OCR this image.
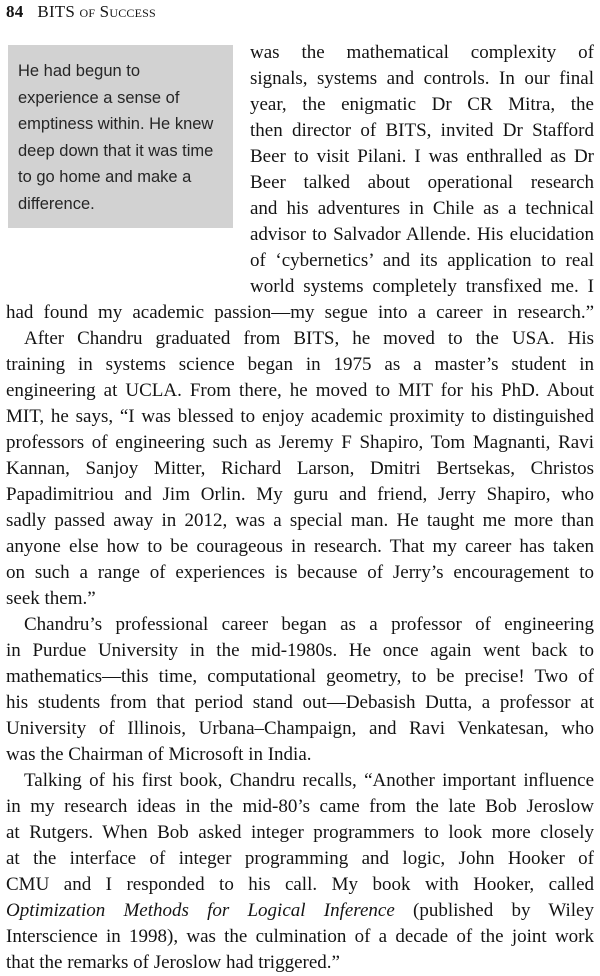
84 BITS of Success

He had begun to experience a sense of emptiness within. He knew deep down that it was time to go home and make a difference.

was the mathematical complexity of
signals, systems and controls. In our final
year, the enigmatic Dr CR Mitra, the
then director of BITS, invited Dr Stafford
Beer to visit Pilani. I was enthralled as Dr
Beer talked about operational research
and his adventures in Chile as a technical
advisor to Salvador Allende. His elucidation
of ‘cybernetics’ and its application to real
world systems completely transfixed me. I
had found my academic passion—my segue into a career in research.”
After Chandru graduated from BITS, he moved to the USA. His
training in systems science began in 1975 as a master’s student in
engineering at UCLA. From there, he moved to MIT for his PhD. About
MIT, he says, “I was blessed to enjoy academic proximity to distinguished
professors of engineering such as Jeremy F Shapiro, Tom Magnanti, Ravi
Kannan, Sanjoy Mitter, Richard Larson, Dmitri Bertsekas, Christos
Papadimitriou and Jim Orlin. My guru and friend, Jerry Shapiro, who
sadly passed away in 2012, was a special man. He taught me more than
anyone else how to be courageous in research. That my career has taken
on such a range of experiences is because of Jerry’s encouragement to
seek them.”
Chandru’s professional career began as a professor of engineering
in Purdue University in the mid-1980s. He once again went back to
mathematics—this time, computational geometry, to be precise! Two of
his students from that period stand out—Debasish Dutta, a professor at
University of Illinois, Urbana–Champaign, and Ravi Venkatesan, who
was the Chairman of Microsoft in India.
Talking of his first book, Chandru recalls, “Another important influence
in my research ideas in the mid-80’s came from the late Bob Jeroslow
at Rutgers. When Bob asked integer programmers to look more closely
at the interface of integer programming and logic, John Hooker of
CMU and I responded to his call. My book with Hooker, called
Optimization Methods for Logical Inference (published by Wiley
Interscience in 1998), was the culmination of a decade of the joint work
that the remarks of Jeroslow had triggered.”
